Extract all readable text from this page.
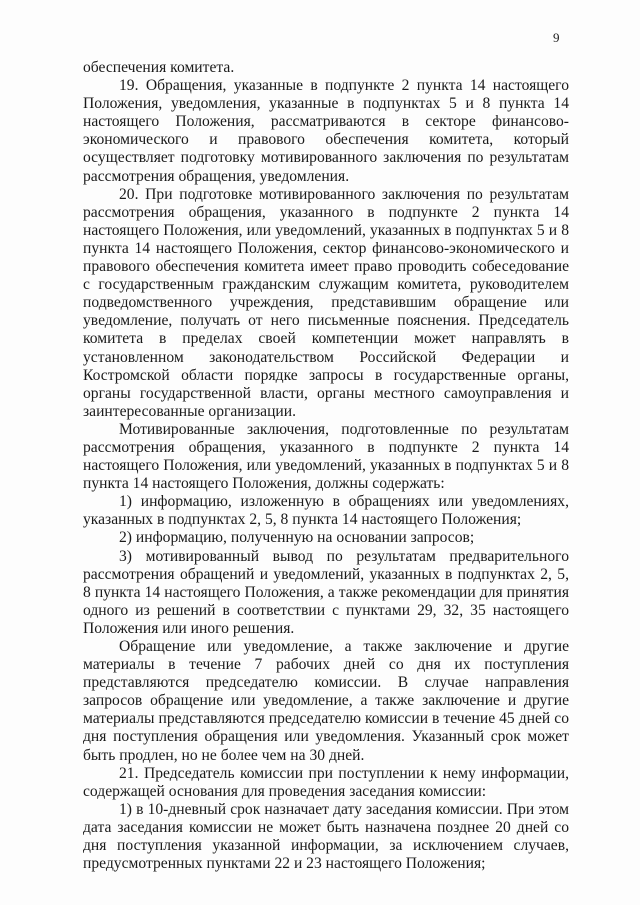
9

обеспечения комитета.

19. Обращения, указанные в подпункте 2 пункта 14 настоящего Положения, уведомления, указанные в подпунктах 5 и 8 пункта 14 настоящего Положения, рассматриваются в секторе финансово-экономического и правового обеспечения комитета, который осуществляет подготовку мотивированного заключения по результатам рассмотрения обращения, уведомления.

20. При подготовке мотивированного заключения по результатам рассмотрения обращения, указанного в подпункте 2 пункта 14 настоящего Положения, или уведомлений, указанных в подпунктах 5 и 8 пункта 14 настоящего Положения, сектор финансово-экономического и правового обеспечения комитета имеет право проводить собеседование с государственным гражданским служащим комитета, руководителем подведомственного учреждения, представившим обращение или уведомление, получать от него письменные пояснения. Председатель комитета в пределах своей компетенции может направлять в установленном законодательством Российской Федерации и Костромской области порядке запросы в государственные органы, органы государственной власти, органы местного самоуправления и заинтересованные организации.

Мотивированные заключения, подготовленные по результатам рассмотрения обращения, указанного в подпункте 2 пункта 14 настоящего Положения, или уведомлений, указанных в подпунктах 5 и 8 пункта 14 настоящего Положения, должны содержать:

1) информацию, изложенную в обращениях или уведомлениях, указанных в подпунктах 2, 5, 8 пункта 14 настоящего Положения;

2) информацию, полученную на основании запросов;

3) мотивированный вывод по результатам предварительного рассмотрения обращений и уведомлений, указанных в подпунктах 2, 5, 8 пункта 14 настоящего Положения, а также рекомендации для принятия одного из решений в соответствии с пунктами 29, 32, 35 настоящего Положения или иного решения.

Обращение или уведомление, а также заключение и другие материалы в течение 7 рабочих дней со дня их поступления представляются председателю комиссии. В случае направления запросов обращение или уведомление, а также заключение и другие материалы представляются председателю комиссии в течение 45 дней со дня поступления обращения или уведомления. Указанный срок может быть продлен, но не более чем на 30 дней.

21. Председатель комиссии при поступлении к нему информации, содержащей основания для проведения заседания комиссии:

1) в 10-дневный срок назначает дату заседания комиссии. При этом дата заседания комиссии не может быть назначена позднее 20 дней со дня поступления указанной информации, за исключением случаев, предусмотренных пунктами 22 и 23 настоящего Положения;
